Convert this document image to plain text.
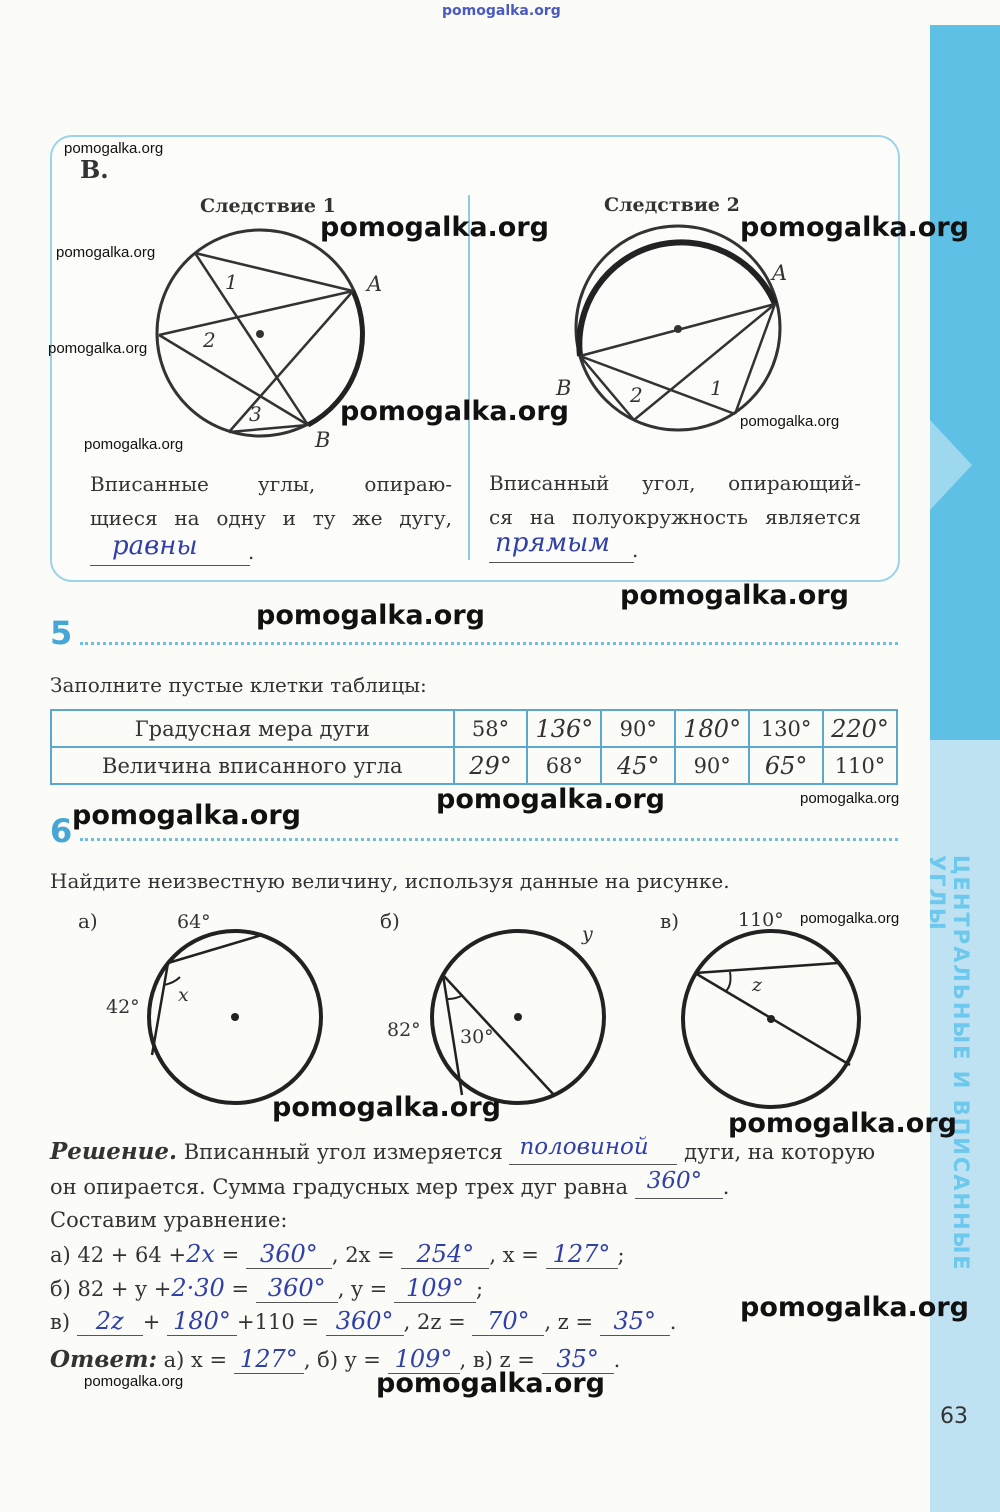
ЦЕНТРАЛЬНЫЕ И ВПИСАННЫЕ УГЛЫ
pomogalka.org
В.
Следствие 1	Следствие 2
1
2
3
A
B
1
2
A
B
Вписанные углы, опираю-
щиеся на одну и ту же дугу,
равны	.
Вписанный угол, опирающий-
ся на полуокружность является
прямым .
5
Заполните пустые клетки таблицы:
Градусная мера дуги	58°	136°	90°	180°	130°	220°
Величина вписанного угла	29°	68°	45°	90°	65°	110°
6
Найдите неизвестную величину, используя данные на рисунке.
а)	64°
42°
x
б)
y
82° 30°
в)	110°
z
Решение. Вписанный угол измеряется половиной дуги, на которую
он опирается. Сумма градусных мер трех дуг равна 360° .
Составим уравнение:
а) 42 + 64 +2x = 360° , 2x = 254° , x = 127° ;
б) 82 + y +2·30 = 360° , y = 109° ;
в) 2z + 180° +110 = 360° , 2z = 70° , z = 35° .
Ответ: а) x = 127° , б) y = 109° , в) z = 35° .
63
pomogalka.org
pomogalka.org
pomogalka.org
pomogalka.org
pomogalka.org
pomogalka.org
pomogalka.org
pomogalka.org
pomogalka.org	pomogalka.org
pomogalka.org
pomogalka.org
pomogalka.org
pomogalka.org
pomogalka.org
pomogalka.org
pomogalka.org
pomogalka.org
pomogalka.org
